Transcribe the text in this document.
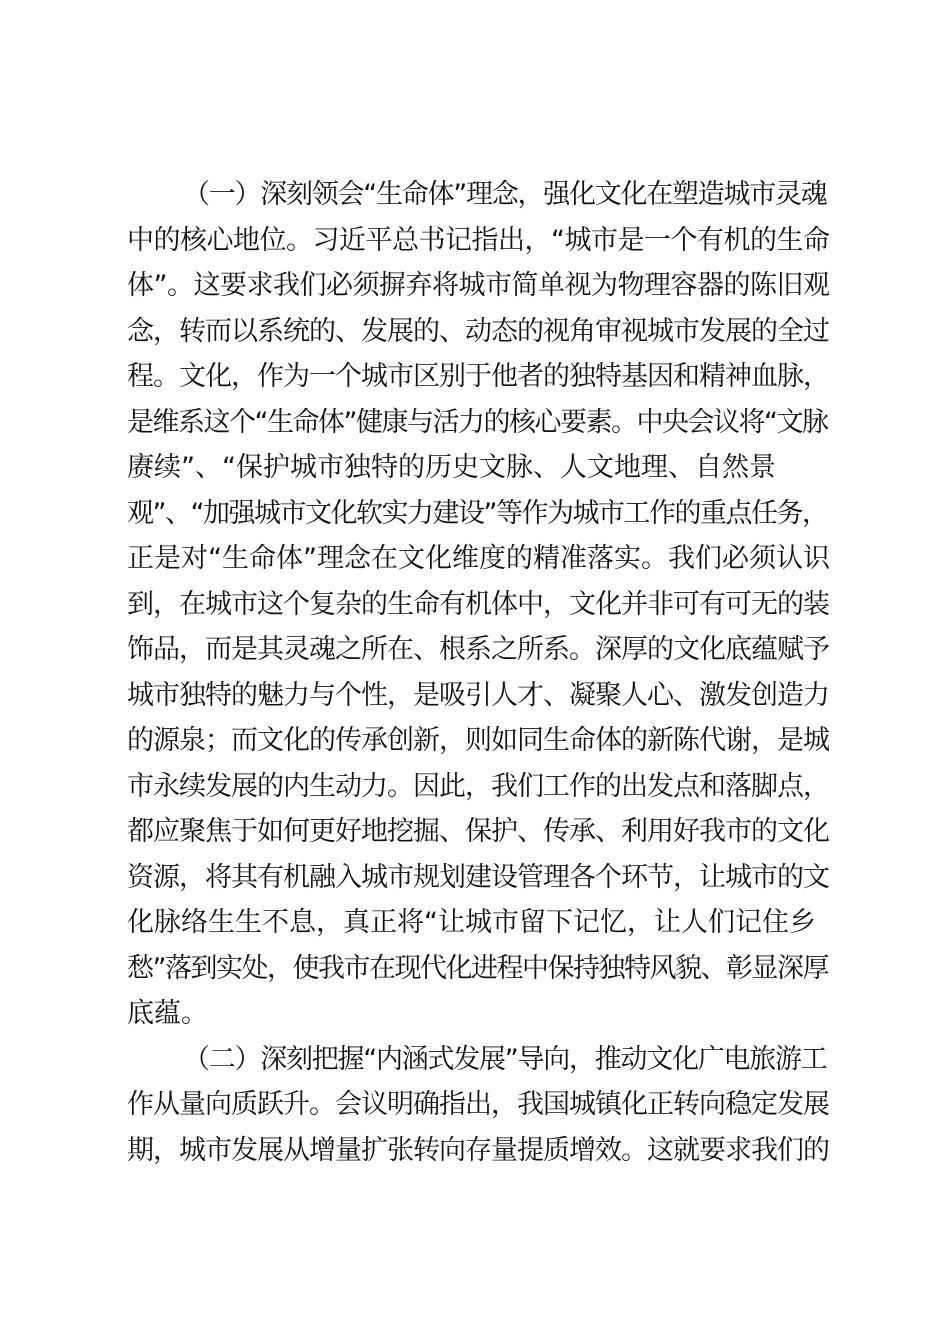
（一）深刻领会“生命体”理念，强化文化在塑造城市灵魂
中的核心地位。习近平总书记指出，“城市是一个有机的生命
体”。这要求我们必须摒弃将城市简单视为物理容器的陈旧观
念，转而以系统的、发展的、动态的视角审视城市发展的全过
程。文化，作为一个城市区别于他者的独特基因和精神血脉，
是维系这个“生命体”健康与活力的核心要素。中央会议将“文脉
赓续”、“保护城市独特的历史文脉、人文地理、自然景
观”、“加强城市文化软实力建设”等作为城市工作的重点任务，
正是对“生命体”理念在文化维度的精准落实。我们必须认识
到，在城市这个复杂的生命有机体中，文化并非可有可无的装
饰品，而是其灵魂之所在、根系之所系。深厚的文化底蕴赋予
城市独特的魅力与个性，是吸引人才、凝聚人心、激发创造力
的源泉；而文化的传承创新，则如同生命体的新陈代谢，是城
市永续发展的内生动力。因此，我们工作的出发点和落脚点，
都应聚焦于如何更好地挖掘、保护、传承、利用好我市的文化
资源，将其有机融入城市规划建设管理各个环节，让城市的文
化脉络生生不息，真正将“让城市留下记忆，让人们记住乡
愁”落到实处，使我市在现代化进程中保持独特风貌、彰显深厚
底蕴。
（二）深刻把握“内涵式发展”导向，推动文化广电旅游工
作从量向质跃升。会议明确指出，我国城镇化正转向稳定发展
期，城市发展从增量扩张转向存量提质增效。这就要求我们的
